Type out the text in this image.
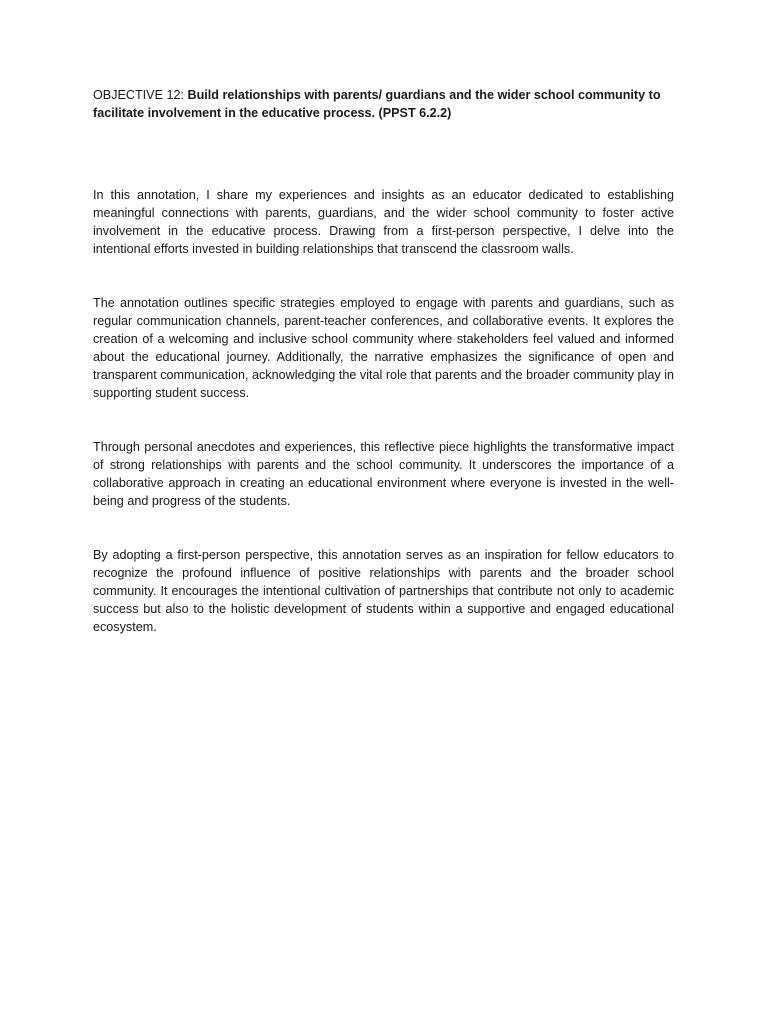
OBJECTIVE 12: Build relationships with parents/ guardians and the wider school community to facilitate involvement in the educative process. (PPST 6.2.2)

In this annotation, I share my experiences and insights as an educator dedicated to establishing meaningful connections with parents, guardians, and the wider school community to foster active involvement in the educative process. Drawing from a first-person perspective, I delve into the intentional efforts invested in building relationships that transcend the classroom walls.

The annotation outlines specific strategies employed to engage with parents and guardians, such as regular communication channels, parent-teacher conferences, and collaborative events. It explores the creation of a welcoming and inclusive school community where stakeholders feel valued and informed about the educational journey. Additionally, the narrative emphasizes the significance of open and transparent communication, acknowledging the vital role that parents and the broader community play in supporting student success.

Through personal anecdotes and experiences, this reflective piece highlights the transformative impact of strong relationships with parents and the school community. It underscores the importance of a collaborative approach in creating an educational environment where everyone is invested in the well-being and progress of the students.

By adopting a first-person perspective, this annotation serves as an inspiration for fellow educators to recognize the profound influence of positive relationships with parents and the broader school community. It encourages the intentional cultivation of partnerships that contribute not only to academic success but also to the holistic development of students within a supportive and engaged educational ecosystem.
